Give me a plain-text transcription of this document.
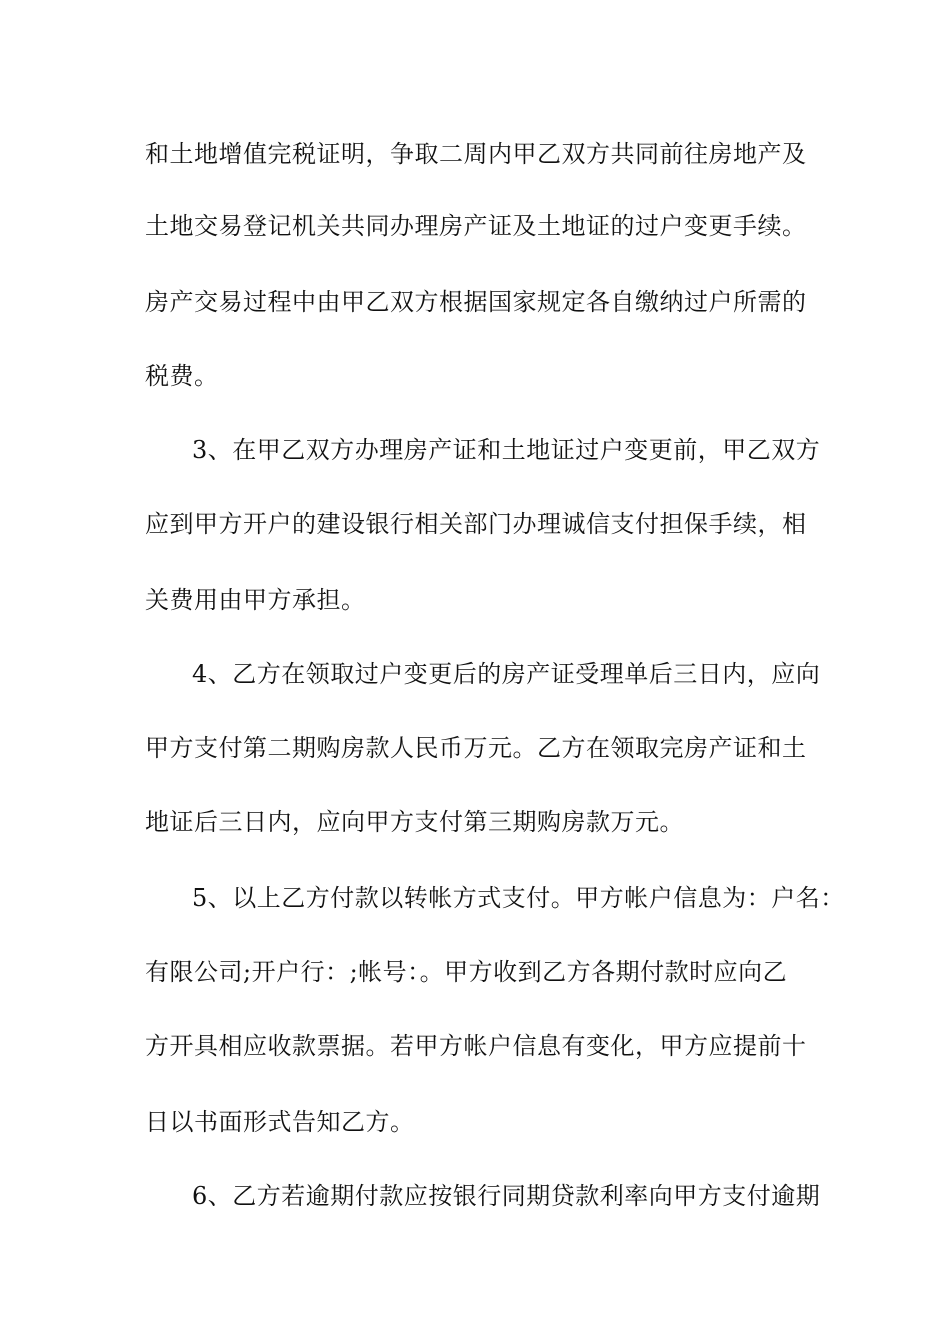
和土地增值完税证明，争取二周内甲乙双方共同前往房地产及
土地交易登记机关共同办理房产证及土地证的过户变更手续。
房产交易过程中由甲乙双方根据国家规定各自缴纳过户所需的
税费。
3、在甲乙双方办理房产证和土地证过户变更前，甲乙双方
应到甲方开户的建设银行相关部门办理诚信支付担保手续，相
关费用由甲方承担。
4、乙方在领取过户变更后的房产证受理单后三日内，应向
甲方支付第二期购房款人民币万元。乙方在领取完房产证和土
地证后三日内，应向甲方支付第三期购房款万元。
5、以上乙方付款以转帐方式支付。甲方帐户信息为：户名：
有限公司;开户行：;帐号：。甲方收到乙方各期付款时应向乙
方开具相应收款票据。若甲方帐户信息有变化，甲方应提前十
日以书面形式告知乙方。
6、乙方若逾期付款应按银行同期贷款利率向甲方支付逾期
